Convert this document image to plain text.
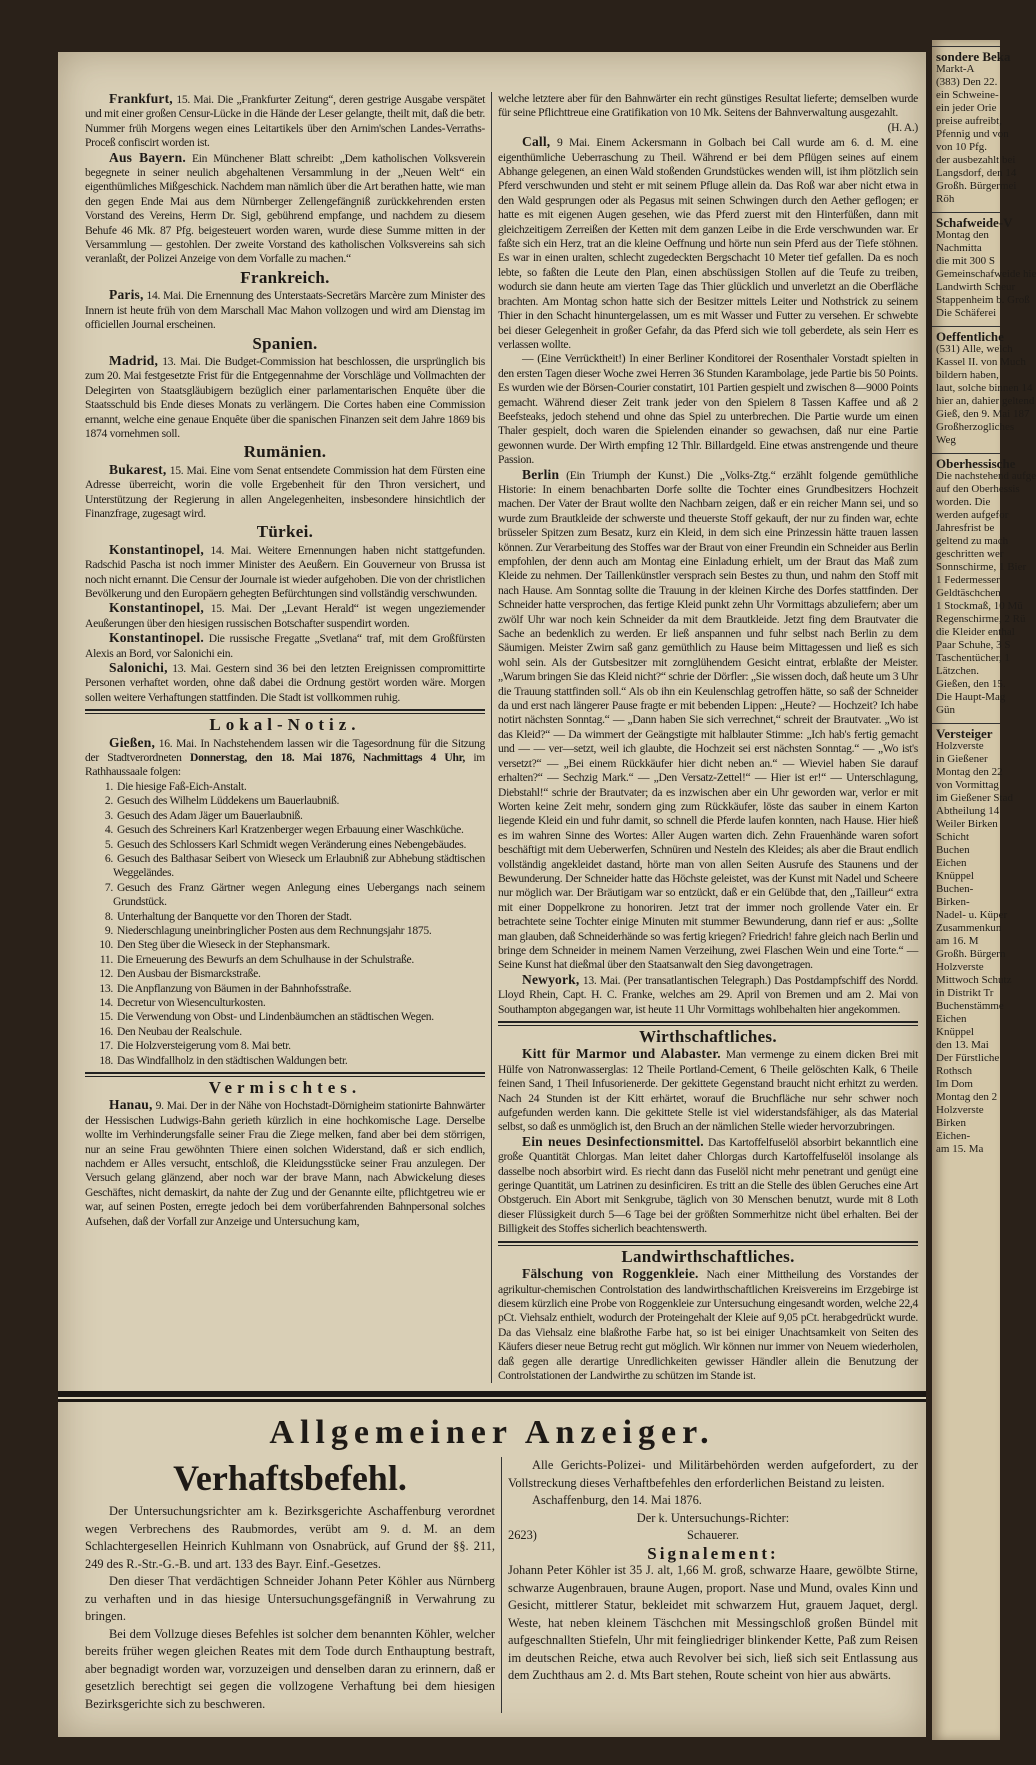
sondere Beka
Markt-A
(383) Den 22.
ein Schweine-
ein jeder Orie
preise aufreibt,
Pfennig und von
von 10 Pfg.
der ausbezahlt bei
Langsdorf, den 14
Großh. Bürgermei
Röh
Schafweide-V
Montag den
Nachmitta
die mit 300 S
Gemeinschafweide hie
Landwirth Scheur
Stappenheim b. Groß
Die Schäferei
Oeffentliche
(531) Alle, welch
Kassel II. von Much
bildern haben,
laut, solche binnen 14
hier an, dahier geltend
Gieß, den 9. Mai 187
Großherzogliches
Weg
Oberhessische
Die nachstehend aufge
auf den Oberhessis
worden. Die
werden aufgefor
Jahresfrist be
geltend zu mach
geschritten wer
Sonnschirme, 1 Bier
1 Federmesser
Geldtäschchen
1 Stockmaß, 10 Mü
Regenschirme, 2 Rü
die Kleider enthal
Paar Schuhe, 3 S
Taschentücher, 1
Lätzchen.
Gießen, den 15.
Die Haupt-Mag
Gün
Versteiger
Holzverste
in Gießener
Montag den 22
von Vormittag
im Gießener Stad
Abtheilung 14
Weiler Birken
Schicht
Buchen
Eichen
Knüppel
Buchen-
Birken-
Nadel- u. Küper
Zusammenkun
am 16. M
Großh. Bürgern
Holzverste
Mittwoch Schutz
in Distrikt Tr
Buchenstämme
Eichen
Knüppel
den 13. Mai
Der Fürstliche
Rothsch
Im Dom
Montag den 2
Holzverste
Birken
Eichen-
am 15. Ma

Frankfurt, 15. Mai. Die „Frankfurter Zeitung“, deren gestrige Ausgabe verspätet und mit einer großen Censur-Lücke in die Hände der Leser gelangte, theilt mit, daß die betr. Nummer früh Morgens wegen eines Leitartikels über den Arnim'schen Landes-Verraths-Proceß confiscirt worden ist.

Aus Bayern. Ein Münchener Blatt schreibt: „Dem katholischen Volksverein begegnete in seiner neulich abgehaltenen Versammlung in der „Neuen Welt“ ein eigenthümliches Mißgeschick. Nachdem man nämlich über die Art berathen hatte, wie man den gegen Ende Mai aus dem Nürnberger Zellengefängniß zurückkehrenden ersten Vorstand des Vereins, Herrn Dr. Sigl, gebührend empfange, und nachdem zu diesem Behufe 46 Mk. 87 Pfg. beigesteuert worden waren, wurde diese Summe mitten in der Versammlung — gestohlen. Der zweite Vorstand des katholischen Volksvereins sah sich veranlaßt, der Polizei Anzeige von dem Vorfalle zu machen.“

Frankreich.

Paris, 14. Mai. Die Ernennung des Unterstaats-Secretärs Marcère zum Minister des Innern ist heute früh von dem Marschall Mac Mahon vollzogen und wird am Dienstag im officiellen Journal erscheinen.

Spanien.

Madrid, 13. Mai. Die Budget-Commission hat beschlossen, die ursprünglich bis zum 20. Mai festgesetzte Frist für die Entgegennahme der Vorschläge und Vollmachten der Delegirten von Staatsgläubigern bezüglich einer parlamentarischen Enquête über die Staatsschuld bis Ende dieses Monats zu verlängern. Die Cortes haben eine Commission ernannt, welche eine genaue Enquête über die spanischen Finanzen seit dem Jahre 1869 bis 1874 vornehmen soll.

Rumänien.

Bukarest, 15. Mai. Eine vom Senat entsendete Commission hat dem Fürsten eine Adresse überreicht, worin die volle Ergebenheit für den Thron versichert, und Unterstützung der Regierung in allen Angelegenheiten, insbesondere hinsichtlich der Finanzfrage, zugesagt wird.

Türkei.

Konstantinopel, 14. Mai. Weitere Ernennungen haben nicht stattgefunden. Radschid Pascha ist noch immer Minister des Aeußern. Ein Gouverneur von Brussa ist noch nicht ernannt. Die Censur der Journale ist wieder aufgehoben. Die von der christlichen Bevölkerung und den Europäern gehegten Befürchtungen sind vollständig verschwunden.

Konstantinopel, 15. Mai. Der „Levant Herald“ ist wegen ungeziemender Aeußerungen über den hiesigen russischen Botschafter suspendirt worden.

Konstantinopel. Die russische Fregatte „Svetlana“ traf, mit dem Großfürsten Alexis an Bord, vor Salonichi ein.

Salonichi, 13. Mai. Gestern sind 36 bei den letzten Ereignissen compromittirte Personen verhaftet worden, ohne daß dabei die Ordnung gestört worden wäre. Morgen sollen weitere Verhaftungen stattfinden. Die Stadt ist vollkommen ruhig.

Lokal-Notiz.

Gießen, 16. Mai. In Nachstehendem lassen wir die Tagesordnung für die Sitzung der Stadtverordneten Donnerstag, den 18. Mai 1876, Nachmittags 4 Uhr, im Rathhaussaale folgen:

1. Die hiesige Faß-Eich-Anstalt.
2. Gesuch des Wilhelm Lüddekens um Bauerlaubniß.
3. Gesuch des Adam Jäger um Bauerlaubniß.
4. Gesuch des Schreiners Karl Kratzenberger wegen Erbauung einer Waschküche.
5. Gesuch des Schlossers Karl Schmidt wegen Veränderung eines Nebengebäudes.
6. Gesuch des Balthasar Seibert von Wieseck um Erlaubniß zur Abhebung städtischen Weggeländes.
7. Gesuch des Franz Gärtner wegen Anlegung eines Uebergangs nach seinem Grundstück.
8. Unterhaltung der Banquette vor den Thoren der Stadt.
9. Niederschlagung uneinbringlicher Posten aus dem Rechnungsjahr 1875.
10. Den Steg über die Wieseck in der Stephansmark.
11. Die Erneuerung des Bewurfs an dem Schulhause in der Schulstraße.
12. Den Ausbau der Bismarckstraße.
13. Die Anpflanzung von Bäumen in der Bahnhofsstraße.
14. Decretur von Wiesenculturkosten.
15. Die Verwendung von Obst- und Lindenbäumchen an städtischen Wegen.
16. Den Neubau der Realschule.
17. Die Holzversteigerung vom 8. Mai betr.
18. Das Windfallholz in den städtischen Waldungen betr.
Vermischtes.

Hanau, 9. Mai. Der in der Nähe von Hochstadt-Dörnigheim stationirte Bahnwärter der Hessischen Ludwigs-Bahn gerieth kürzlich in eine hochkomische Lage. Derselbe wollte im Verhinderungsfalle seiner Frau die Ziege melken, fand aber bei dem störrigen, nur an seine Frau gewöhnten Thiere einen solchen Widerstand, daß er sich endlich, nachdem er Alles versucht, entschloß, die Kleidungsstücke seiner Frau anzulegen. Der Versuch gelang glänzend, aber noch war der brave Mann, nach Abwickelung dieses Geschäftes, nicht demaskirt, da nahte der Zug und der Genannte eilte, pflichtgetreu wie er war, auf seinen Posten, erregte jedoch bei dem vorüberfahrenden Bahnpersonal solches Aufsehen, daß der Vorfall zur Anzeige und Untersuchung kam,

welche letztere aber für den Bahnwärter ein recht günstiges Resultat lieferte; demselben wurde für seine Pflichttreue eine Gratifikation von 10 Mk. Seitens der Bahnverwaltung ausgezahlt.

(H. A.)

Call, 9 Mai. Einem Ackersmann in Golbach bei Call wurde am 6. d. M. eine eigenthümliche Ueberraschung zu Theil. Während er bei dem Pflügen seines auf einem Abhange gelegenen, an einen Wald stoßenden Grundstückes wenden will, ist ihm plötzlich sein Pferd verschwunden und steht er mit seinem Pfluge allein da. Das Roß war aber nicht etwa in den Wald gesprungen oder als Pegasus mit seinen Schwingen durch den Aether geflogen; er hatte es mit eigenen Augen gesehen, wie das Pferd zuerst mit den Hinterfüßen, dann mit gleichzeitigem Zerreißen der Ketten mit dem ganzen Leibe in die Erde verschwunden war. Er faßte sich ein Herz, trat an die kleine Oeffnung und hörte nun sein Pferd aus der Tiefe stöhnen. Es war in einen uralten, schlecht zugedeckten Bergschacht 10 Meter tief gefallen. Da es noch lebte, so faßten die Leute den Plan, einen abschüssigen Stollen auf die Teufe zu treiben, wodurch sie dann heute am vierten Tage das Thier glücklich und unverletzt an die Oberfläche brachten. Am Montag schon hatte sich der Besitzer mittels Leiter und Nothstrick zu seinem Thier in den Schacht hinuntergelassen, um es mit Wasser und Futter zu versehen. Er schwebte bei dieser Gelegenheit in großer Gefahr, da das Pferd sich wie toll geberdete, als sein Herr es verlassen wollte.

— (Eine Verrücktheit!) In einer Berliner Konditorei der Rosenthaler Vorstadt spielten in den ersten Tagen dieser Woche zwei Herren 36 Stunden Karambolage, jede Partie bis 50 Points. Es wurden wie der Börsen-Courier constatirt, 101 Partien gespielt und zwischen 8—9000 Points gemacht. Während dieser Zeit trank jeder von den Spielern 8 Tassen Kaffee und aß 2 Beefsteaks, jedoch stehend und ohne das Spiel zu unterbrechen. Die Partie wurde um einen Thaler gespielt, doch waren die Spielenden einander so gewachsen, daß nur eine Partie gewonnen wurde. Der Wirth empfing 12 Thlr. Billardgeld. Eine etwas anstrengende und theure Passion.

Berlin (Ein Triumph der Kunst.) Die „Volks-Ztg.“ erzählt folgende gemüthliche Historie: In einem benachbarten Dorfe sollte die Tochter eines Grundbesitzers Hochzeit machen. Der Vater der Braut wollte den Nachbarn zeigen, daß er ein reicher Mann sei, und so wurde zum Brautkleide der schwerste und theuerste Stoff gekauft, der nur zu finden war, echte brüsseler Spitzen zum Besatz, kurz ein Kleid, in dem sich eine Prinzessin hätte trauen lassen können. Zur Verarbeitung des Stoffes war der Braut von einer Freundin ein Schneider aus Berlin empfohlen, der denn auch am Montag eine Einladung erhielt, um der Braut das Maß zum Kleide zu nehmen. Der Taillenkünstler versprach sein Bestes zu thun, und nahm den Stoff mit nach Hause. Am Sonntag sollte die Trauung in der kleinen Kirche des Dorfes stattfinden. Der Schneider hatte versprochen, das fertige Kleid punkt zehn Uhr Vormittags abzuliefern; aber um zwölf Uhr war noch kein Schneider da mit dem Brautkleide. Jetzt fing dem Brautvater die Sache an bedenklich zu werden. Er ließ anspannen und fuhr selbst nach Berlin zu dem Säumigen. Meister Zwirn saß ganz gemüthlich zu Hause beim Mittagessen und ließ es sich wohl sein. Als der Gutsbesitzer mit zornglühendem Gesicht eintrat, erblaßte der Meister. „Warum bringen Sie das Kleid nicht?“ schrie der Dörfler: „Sie wissen doch, daß heute um 3 Uhr die Trauung stattfinden soll.“ Als ob ihn ein Keulenschlag getroffen hätte, so saß der Schneider da und erst nach längerer Pause fragte er mit bebenden Lippen: „Heute? — Hochzeit? Ich habe notirt nächsten Sonntag.“ — „Dann haben Sie sich verrechnet,“ schreit der Brautvater. „Wo ist das Kleid?“ — Da wimmert der Geängstigte mit halblauter Stimme: „Ich hab's fertig gemacht und — — ver—setzt, weil ich glaubte, die Hochzeit sei erst nächsten Sonntag.“ — „Wo ist's versetzt?“ — „Bei einem Rückkäufer hier dicht neben an.“ — Wieviel haben Sie darauf erhalten?“ — Sechzig Mark.“ — „Den Versatz-Zettel!“ — Hier ist er!“ — Unterschlagung, Diebstahl!“ schrie der Brautvater; da es inzwischen aber ein Uhr geworden war, verlor er mit Worten keine Zeit mehr, sondern ging zum Rückkäufer, löste das sauber in einem Karton liegende Kleid ein und fuhr damit, so schnell die Pferde laufen konnten, nach Hause. Hier hieß es im wahren Sinne des Wortes: Aller Augen warten dich. Zehn Frauenhände waren sofort beschäftigt mit dem Ueberwerfen, Schnüren und Nesteln des Kleides; als aber die Braut endlich vollständig angekleidet dastand, hörte man von allen Seiten Ausrufe des Staunens und der Bewunderung. Der Schneider hatte das Höchste geleistet, was der Kunst mit Nadel und Scheere nur möglich war. Der Bräutigam war so entzückt, daß er ein Gelübde that, den „Tailleur“ extra mit einer Doppelkrone zu honoriren. Jetzt trat der immer noch grollende Vater ein. Er betrachtete seine Tochter einige Minuten mit stummer Bewunderung, dann rief er aus: „Sollte man glauben, daß Schneiderhände so was fertig kriegen? Friedrich! fahre gleich nach Berlin und bringe dem Schneider in meinem Namen Verzeihung, zwei Flaschen Wein und eine Torte.“ — Seine Kunst hat dießmal über den Staatsanwalt den Sieg davongetragen.

Newyork, 13. Mai. (Per transatlantischen Telegraph.) Das Postdampfschiff des Nordd. Lloyd Rhein, Capt. H. C. Franke, welches am 29. April von Bremen und am 2. Mai von Southampton abgegangen war, ist heute 11 Uhr Vormittags wohlbehalten hier angekommen.

Wirthschaftliches.

Kitt für Marmor und Alabaster. Man vermenge zu einem dicken Brei mit Hülfe von Natronwasserglas: 12 Theile Portland-Cement, 6 Theile gelöschten Kalk, 6 Theile feinen Sand, 1 Theil Infusorienerde. Der gekittete Gegenstand braucht nicht erhitzt zu werden. Nach 24 Stunden ist der Kitt erhärtet, worauf die Bruchfläche nur sehr schwer noch aufgefunden werden kann. Die gekittete Stelle ist viel widerstandsfähiger, als das Material selbst, so daß es unmöglich ist, den Bruch an der nämlichen Stelle wieder hervorzubringen.

Ein neues Desinfectionsmittel. Das Kartoffelfuselöl absorbirt bekanntlich eine große Quantität Chlorgas. Man leitet daher Chlorgas durch Kartoffelfuselöl insolange als dasselbe noch absorbirt wird. Es riecht dann das Fuselöl nicht mehr penetrant und genügt eine geringe Quantität, um Latrinen zu desinficiren. Es tritt an die Stelle des üblen Geruches eine Art Obstgeruch. Ein Abort mit Senkgrube, täglich von 30 Menschen benutzt, wurde mit 8 Loth dieser Flüssigkeit durch 5—6 Tage bei der größten Sommerhitze nicht übel erhalten. Bei der Billigkeit des Stoffes sicherlich beachtenswerth.

Landwirthschaftliches.

Fälschung von Roggenkleie. Nach einer Mittheilung des Vorstandes der agrikultur-chemischen Controlstation des landwirthschaftlichen Kreisvereins im Erzgebirge ist diesem kürzlich eine Probe von Roggenkleie zur Untersuchung eingesandt worden, welche 22,4 pCt. Viehsalz enthielt, wodurch der Proteingehalt der Kleie auf 9,05 pCt. herabgedrückt wurde. Da das Viehsalz eine blaßrothe Farbe hat, so ist bei einiger Unachtsamkeit von Seiten des Käufers dieser neue Betrug recht gut möglich. Wir können nur immer von Neuem wiederholen, daß gegen alle derartige Unredlichkeiten gewisser Händler allein die Benutzung der Controlstationen der Landwirthe zu schützen im Stande ist.

Allgemeiner Anzeiger.
Verhaftsbefehl.

Der Untersuchungsrichter am k. Bezirksgerichte Aschaffenburg verordnet wegen Verbrechens des Raubmordes, verübt am 9. d. M. an dem Schlachtergesellen Heinrich Kuhlmann von Osnabrück, auf Grund der §§. 211, 249 des R.-Str.-G.-B. und art. 133 des Bayr. Einf.-Gesetzes.

Den dieser That verdächtigen Schneider Johann Peter Köhler aus Nürnberg zu verhaften und in das hiesige Untersuchungsgefängniß in Verwahrung zu bringen.

Bei dem Vollzuge dieses Befehles ist solcher dem benannten Köhler, welcher bereits früher wegen gleichen Reates mit dem Tode durch Enthauptung bestraft, aber begnadigt worden war, vorzuzeigen und denselben daran zu erinnern, daß er gesetzlich berechtigt sei gegen die vollzogene Verhaftung bei dem hiesigen Bezirksgerichte sich zu beschweren.

Alle Gerichts-Polizei- und Militärbehörden werden aufgefordert, zu der Vollstreckung dieses Verhaftbefehles den erforderlichen Beistand zu leisten.

Aschaffenburg, den 14. Mai 1876.

Der k. Untersuchungs-Richter:

2623)	Schauerer.

Signalement:

Johann Peter Köhler ist 35 J. alt, 1,66 M. groß, schwarze Haare, gewölbte Stirne, schwarze Augenbrauen, braune Augen, proport. Nase und Mund, ovales Kinn und Gesicht, mittlerer Statur, bekleidet mit schwarzem Hut, grauem Jaquet, dergl. Weste, hat neben kleinem Täschchen mit Messingschloß großen Bündel mit aufgeschnallten Stiefeln, Uhr mit feingliedriger blinkender Kette, Paß zum Reisen im deutschen Reiche, etwa auch Revolver bei sich, ließ sich seit Entlassung aus dem Zuchthaus am 2. d. Mts Bart stehen, Route scheint von hier aus abwärts.
